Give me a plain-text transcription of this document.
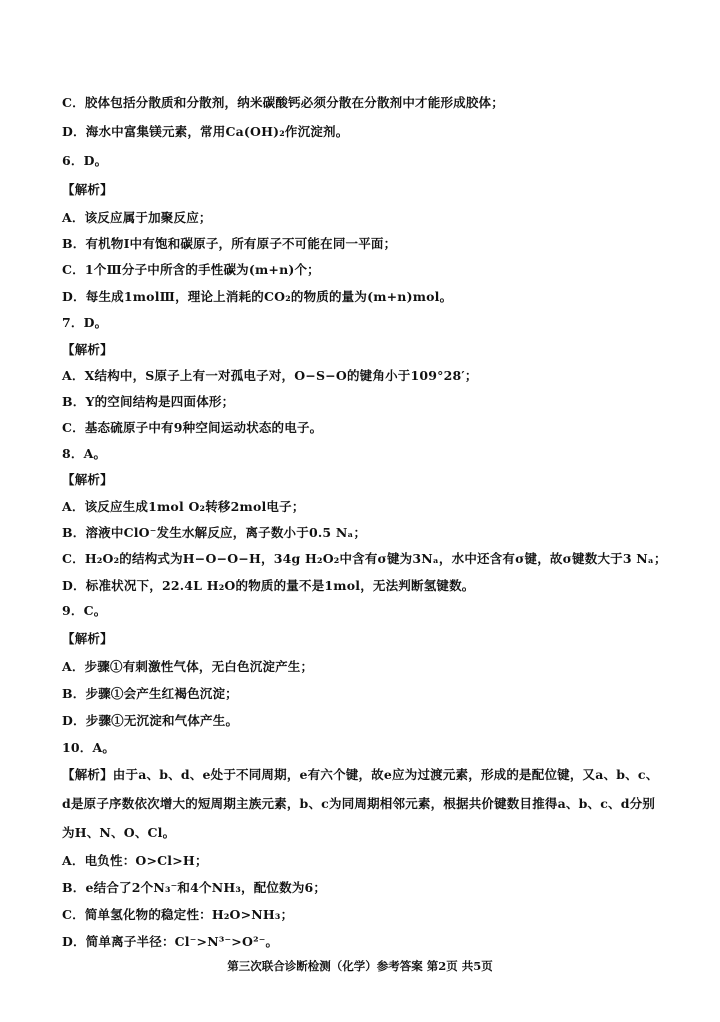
C．胶体包括分散质和分散剂，纳米碳酸钙必须分散在分散剂中才能形成胶体；
D．海水中富集镁元素，常用Ca(OH)₂作沉淀剂。
6．D。
【解析】
A．该反应属于加聚反应；
B．有机物Ⅰ中有饱和碳原子，所有原子不可能在同一平面；
C．1个Ⅲ分子中所含的手性碳为(m+n)个；
D．每生成1molⅢ，理论上消耗的CO₂的物质的量为(m+n)mol。
7．D。
【解析】
A．X结构中，S原子上有一对孤电子对，O−S−O的键角小于109°28′；
B．Y的空间结构是四面体形；
C．基态硫原子中有9种空间运动状态的电子。
8．A。
【解析】
A．该反应生成1mol O₂转移2mol电子；
B．溶液中ClO⁻发生水解反应，离子数小于0.5 Nₐ；
C．H₂O₂的结构式为H−O−O−H，34g H₂O₂中含有σ键为3Nₐ，水中还含有σ键，故σ键数大于3 Nₐ；
D．标准状况下，22.4L H₂O的物质的量不是1mol，无法判断氢键数。
9．C。
【解析】
A．步骤①有刺激性气体，无白色沉淀产生；
B．步骤①会产生红褐色沉淀；
D．步骤①无沉淀和气体产生。
10．A。
【解析】由于a、b、d、e处于不同周期，e有六个键，故e应为过渡元素，形成的是配位键，又a、b、c、d是原子序数依次增大的短周期主族元素，b、c为同周期相邻元素，根据共价键数目推得a、b、c、d分别为H、N、O、Cl。
A．电负性：O>Cl>H；
B．e结合了2个N₃⁻和4个NH₃，配位数为6；
C．简单氢化物的稳定性：H₂O>NH₃；
D．简单离子半径：Cl⁻>N³⁻>O²⁻。
第三次联合诊断检测（化学）参考答案 第2页 共5页
